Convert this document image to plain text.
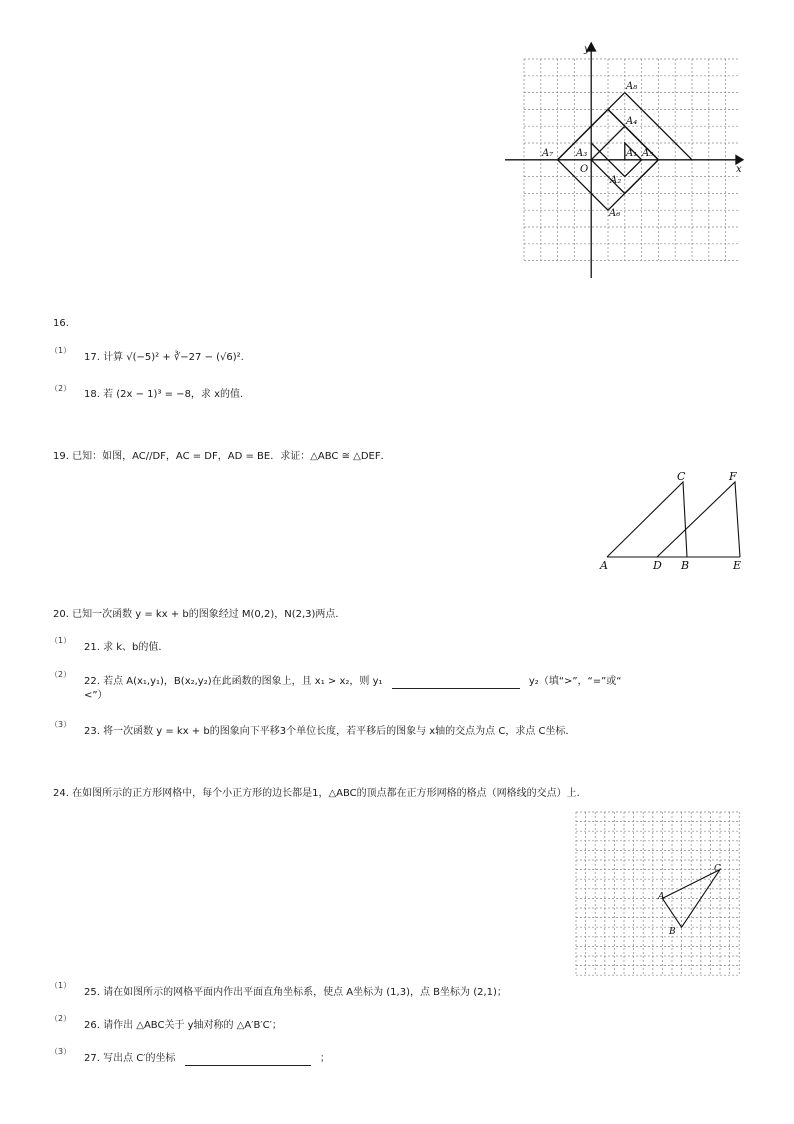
x
y
O
A₁
A₂
A₃
A₄
A₅
A₆
A₇
A₈
16.
（1）
17. 计算 √(−5)² + ∛−27 − (√6)².
（2）
18. 若 (2x − 1)³ = −8，求 x的值.
19. 已知：如图，AC//DF，AC = DF，AD = BE．求证：△ABC ≅ △DEF．
A	B
C
D	E
F
20. 已知一次函数 y = kx + b的图象经过 M(0,2)，N(2,3)两点．
（1）
21. 求 k、b的值．
（2）
22. 若点 A(x₁,y₁)，B(x₂,y₂)在此函数的图象上，且 x₁ > x₂，则 y₁	y₂（填“>”，“=”或“
<”）
（3）
23. 将一次函数 y = kx + b的图象向下平移3个单位长度，若平移后的图象与 x轴的交点为点 C，求点 C坐标．
24. 在如图所示的正方形网格中，每个小正方形的边长都是1，△ABC的顶点都在正方形网格的格点（网格线的交点）上．
A
B
C
（1）
25. 请在如图所示的网格平面内作出平面直角坐标系，使点 A坐标为 (1,3)，点 B坐标为 (2,1)；
（2）
26. 请作出 △ABC关于 y轴对称的 △A′B′C′；
（3）
27. 写出点 C′的坐标	；
